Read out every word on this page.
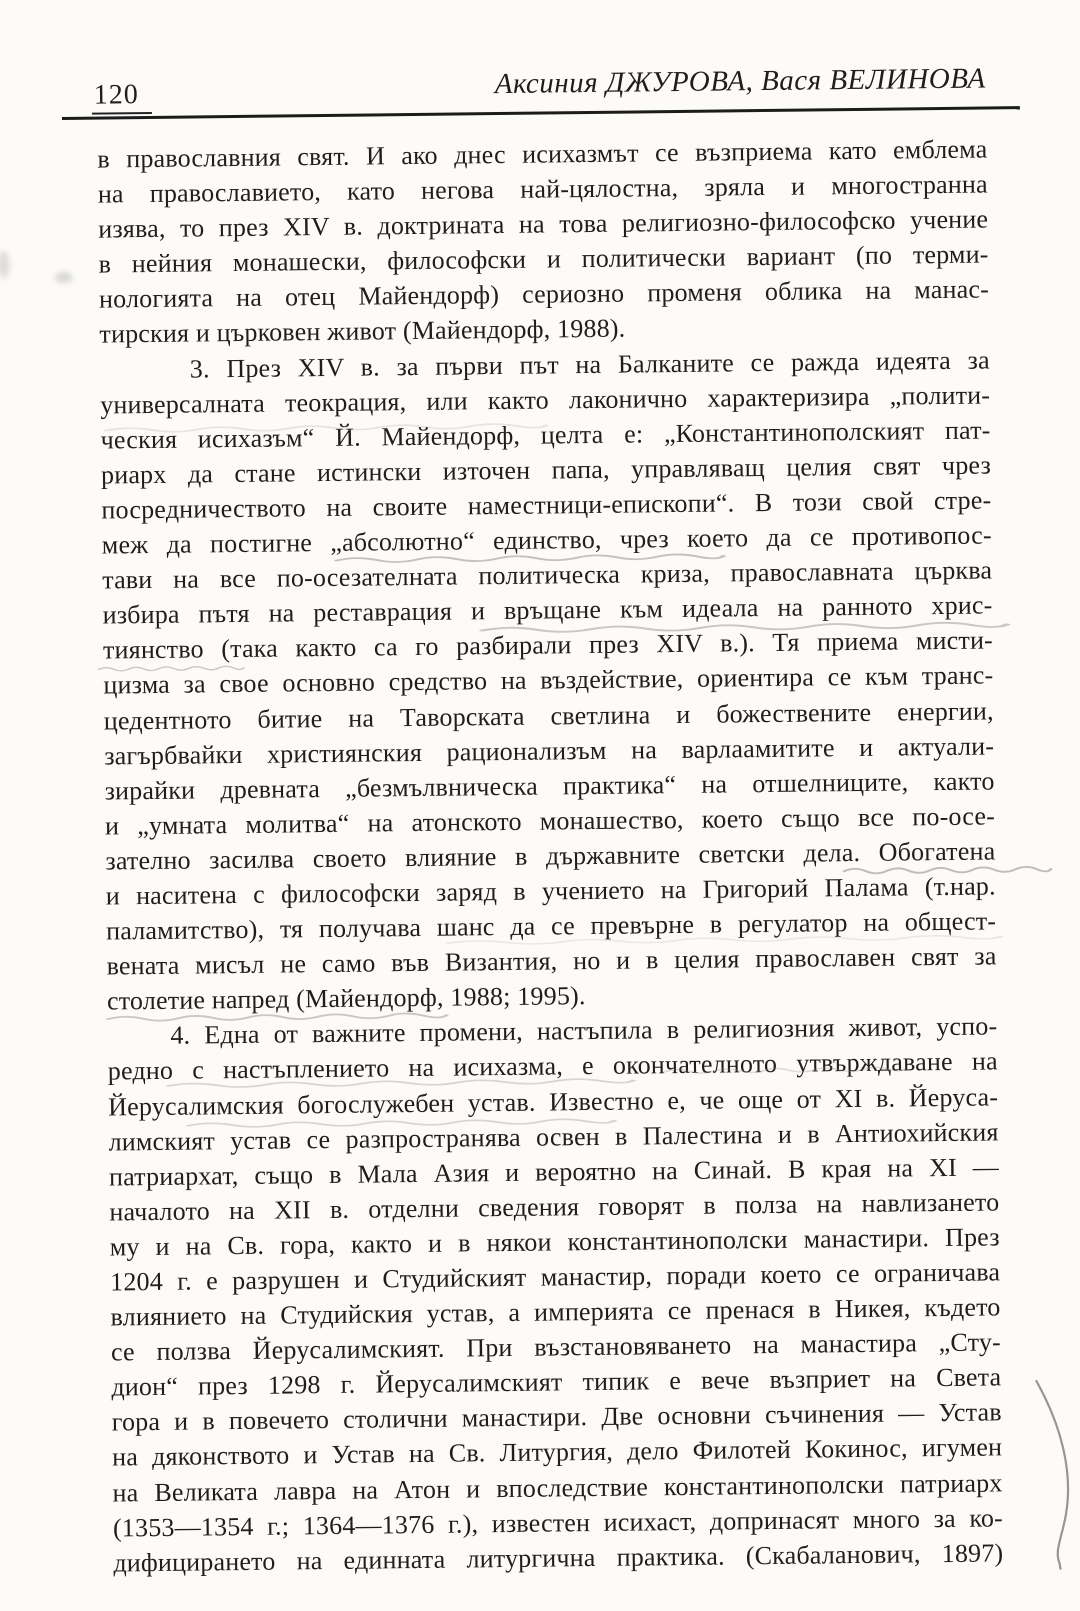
120	Аксиния ДЖУРОВА, Вася ВЕЛИНОВА
в православния свят. И ако днес исихазмът се възприема като емблема
на православието, като негова най-цялостна, зряла и многостранна
изява, то през XIV в. доктрината на това религиозно-философско учение
в нейния монашески, философски и политически вариант (по терми-
нологията на отец Майендорф) сериозно променя облика на манас-
тирския и църковен живот (Майендорф, 1988).
3. През XIV в. за първи път на Балканите се ражда идеята за
универсалната теокрация, или както лаконично характеризира „полити-
ческия исихазъм“ Й. Майендорф, целта е: „Константинополският пат-
риарх да стане истински източен папа, управляващ целия свят чрез
посредничеството на своите наместници-епископи“. В този свой стре-
меж да постигне „абсолютно“ единство, чрез което да се противопос-
тави на все по-осезателната политическа криза, православната църква
избира пътя на реставрация и връщане към идеала на ранното хрис-
тиянство (така както са го разбирали през XIV в.). Тя приема мисти-
цизма за свое основно средство на въздействие, ориентира се към транс-
цедентното битие на Таворската светлина и божествените енергии,
загърбвайки християнския рационализъм на варлаамитите и актуали-
зирайки древната „безмълвническа практика“ на отшелниците, както
и „умната молитва“ на атонското монашество, което също все по-осе-
зателно засилва своето влияние в държавните светски дела. Обогатена
и наситена с философски заряд в учението на Григорий Палама (т.нар.
паламитство), тя получава шанс да се превърне в регулатор на общест-
вената мисъл не само във Византия, но и в целия православен свят за
столетие напред (Майендорф, 1988; 1995).
4. Една от важните промени, настъпила в религиозния живот, успо-
редно с настъплението на исихазма, е окончателното утвърждаване на
Йерусалимския богослужебен устав. Известно е, че още от XI в. Йеруса-
лимският устав се разпространява освен в Палестина и в Антиохийския
патриархат, също в Мала Азия и вероятно на Синай. В края на XI —
началото на XII в. отделни сведения говорят в полза на навлизането
му и на Св. гора, както и в някои константинополски манастири. През
1204 г. е разрушен и Студийският манастир, поради което се ограничава
влиянието на Студийския устав, а империята се пренася в Никея, където
се ползва Йерусалимският. При възстановяването на манастира „Сту-
дион“ през 1298 г. Йерусалимският типик е вече възприет на Света
гора и в повечето столични манастири. Две основни съчинения — Устав
на дяконството и Устав на Св. Литургия, дело Филотей Кокинос, игумен
на Великата лавра на Атон и впоследствие константинополски патриарх
(1353—1354 г.; 1364—1376 г.), известен исихаст, допринасят много за ко-
дифицирането на единната литургична практика. (Скабаланович, 1897)
